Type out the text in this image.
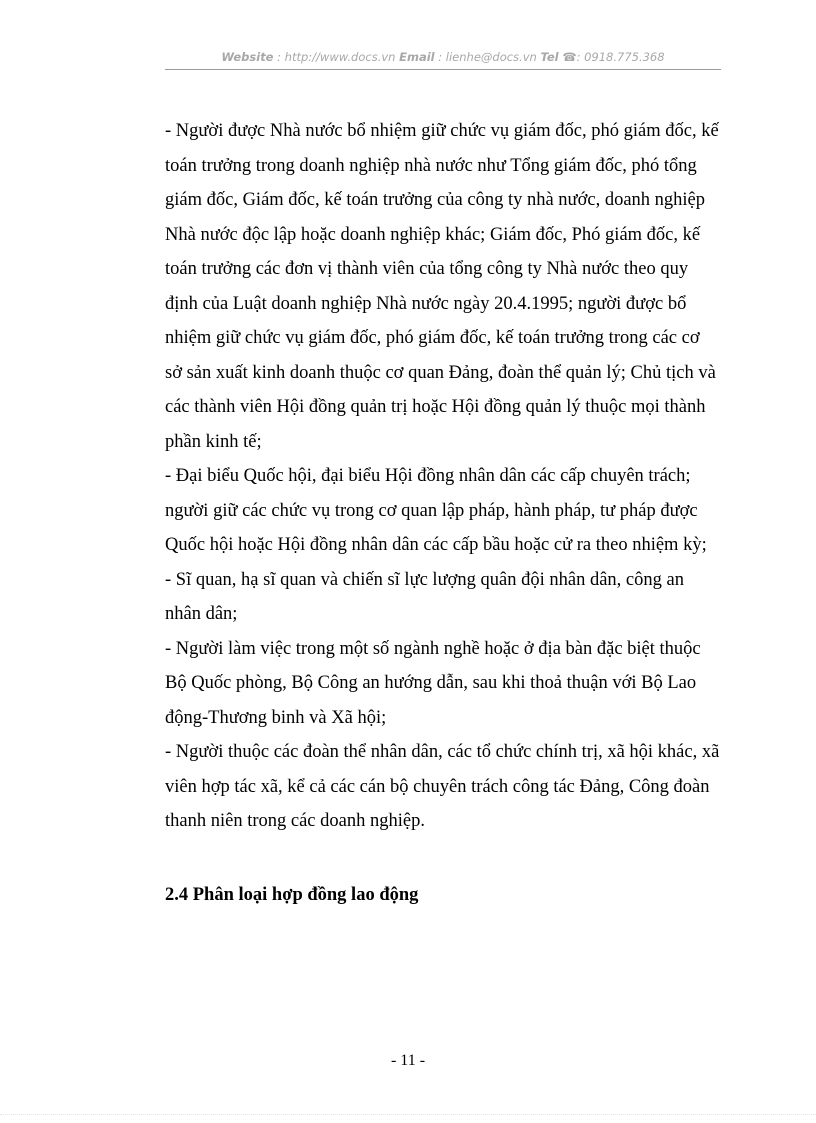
Website : http://www.docs.vn Email : lienhe@docs.vn Tel ☎: 0918.775.368

- Người được Nhà nước bổ nhiệm giữ chức vụ giám đốc, phó giám đốc, kế toán trưởng trong doanh nghiệp nhà nước như Tổng giám đốc, phó tổng giám đốc, Giám đốc, kế toán trưởng của công ty nhà nước, doanh nghiệp Nhà nước độc lập hoặc doanh nghiệp khác; Giám đốc, Phó giám đốc, kế toán trưởng các đơn vị thành viên của tổng công ty Nhà nước theo quy định của Luật doanh nghiệp Nhà nước ngày 20.4.1995; người được bổ nhiệm giữ chức vụ giám đốc, phó giám đốc, kế toán trưởng trong các cơ sở sản xuất kinh doanh thuộc cơ quan Đảng, đoàn thể quản lý; Chủ tịch và các thành viên Hội đồng quản trị hoặc Hội đồng quản lý thuộc mọi thành phần kinh tế;

- Đại biểu Quốc hội, đại biểu Hội đồng nhân dân các cấp chuyên trách; người giữ các chức vụ trong cơ quan lập pháp, hành pháp, tư pháp được Quốc hội hoặc Hội đồng nhân dân các cấp bầu hoặc cử ra theo nhiệm kỳ;

- Sĩ quan, hạ sĩ quan và chiến sĩ lực lượng quân đội nhân dân, công an nhân dân;

- Người làm việc trong một số ngành nghề hoặc ở địa bàn đặc biệt thuộc Bộ Quốc phòng, Bộ Công an hướng dẫn, sau khi thoả thuận với Bộ Lao động-Thương binh và Xã hội;

- Người thuộc các đoàn thể nhân dân, các tổ chức chính trị, xã hội khác, xã viên hợp tác xã, kể cả các cán bộ chuyên trách công tác Đảng, Công đoàn thanh niên trong các doanh nghiệp.

2.4 Phân loại hợp đồng lao động
- 11 -
